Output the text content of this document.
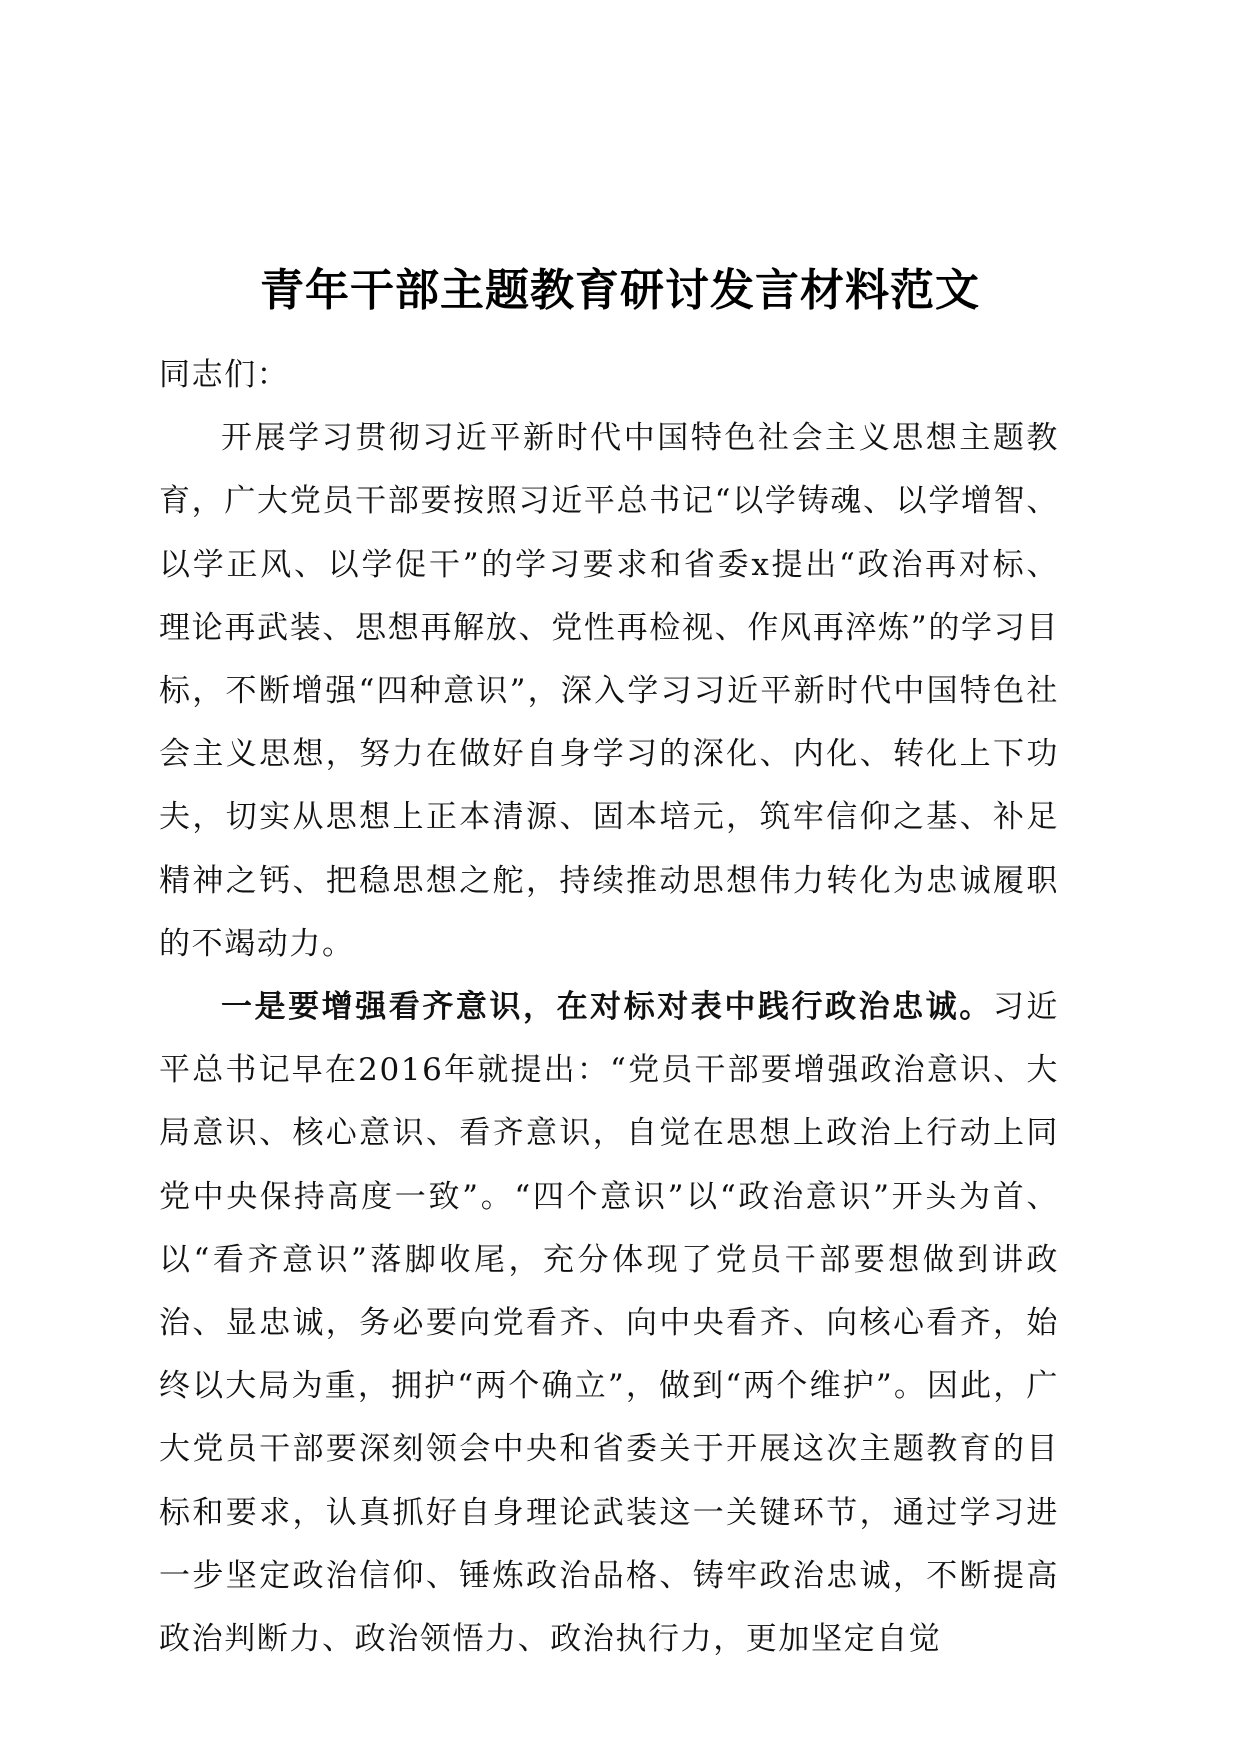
青年干部主题教育研讨发言材料范文

同志们：

开展学习贯彻习近平新时代中国特色社会主义思想主题教育，广大党员干部要按照习近平总书记“以学铸魂、以学增智、以学正风、以学促干”的学习要求和省委x提出“政治再对标、理论再武装、思想再解放、党性再检视、作风再淬炼”的学习目标，不断增强“四种意识”，深入学习习近平新时代中国特色社会主义思想，努力在做好自身学习的深化、内化、转化上下功夫，切实从思想上正本清源、固本培元，筑牢信仰之基、补足精神之钙、把稳思想之舵，持续推动思想伟力转化为忠诚履职的不竭动力。

一是要增强看齐意识，在对标对表中践行政治忠诚。习近平总书记早在2016年就提出：“党员干部要增强政治意识、大局意识、核心意识、看齐意识，自觉在思想上政治上行动上同党中央保持高度一致”。“四个意识”以“政治意识”开头为首、以“看齐意识”落脚收尾，充分体现了党员干部要想做到讲政治、显忠诚，务必要向党看齐、向中央看齐、向核心看齐，始终以大局为重，拥护“两个确立”，做到“两个维护”。因此，广大党员干部要深刻领会中央和省委关于开展这次主题教育的目标和要求，认真抓好自身理论武装这一关键环节，通过学习进一步坚定政治信仰、锤炼政治品格、铸牢政治忠诚，不断提高政治判断力、政治领悟力、政治执行力，更加坚定自觉
